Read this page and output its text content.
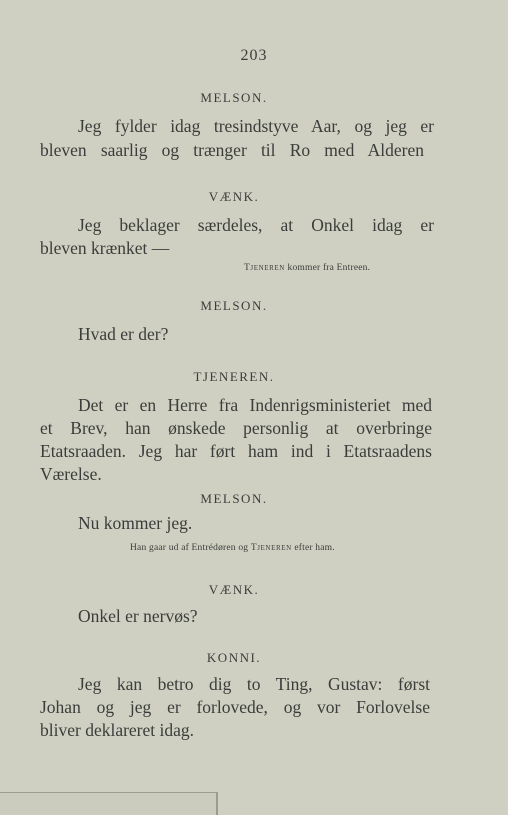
203
MELSON.
Jeg fylder idag tresindstyve Aar, og jeg er
bleven saarlig og trænger til Ro med Alderen
VÆNK.
Jeg beklager særdeles, at Onkel idag er
bleven krænket —
Tjeneren kommer fra Entreen.
MELSON.
Hvad er der?
TJENEREN.
Det er en Herre fra Indenrigsministeriet med
et Brev, han ønskede personlig at overbringe
Etatsraaden. Jeg har ført ham ind i Etatsraadens
Værelse.
MELSON.
Nu kommer jeg.
Han gaar ud af Entrédøren og Tjeneren efter ham.
VÆNK.
Onkel er nervøs?
KONNI.
Jeg kan betro dig to Ting, Gustav: først
Johan og jeg er forlovede, og vor Forlovelse
bliver deklareret idag.
